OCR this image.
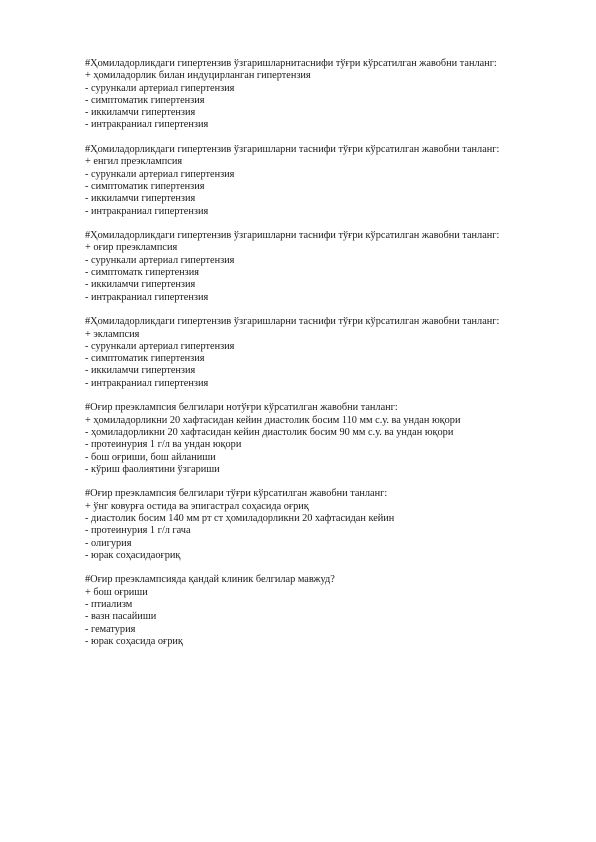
#Ҳомиладорликдаги гипертензив ўзгаришларнитаснифи тўғри кўрсатилган жавобни танланг:
+ ҳомиладорлик билан индуцирланган гипертензия
- сурункали артериал гипертензия
- симптоматик гипертензия
- иккиламчи гипертензия
- интракраниал гипертензия
#Ҳомиладорликдаги гипертензив ўзгаришларни таснифи тўғри кўрсатилган жавобни танланг:
+ енгил преэклампсия
- сурункали артериал гипертензия
- симптоматик гипертензия
- иккиламчи гипертензия
- интракраниал гипертензия
#Ҳомиладорликдаги гипертензив ўзгаришларни таснифи тўғри кўрсатилган жавобни танланг:
+ оғир преэклампсия
- сурункали артериал гипертензия
- симптоматк гипертензия
- иккиламчи гипертензия
- интракраниал гипертензия
#Ҳомиладорликдаги гипертензив ўзгаришларни таснифи тўғри кўрсатилган жавобни танланг:
+ эклампсия
- сурункали артериал гипертензия
- симптоматик гипертензия
- иккиламчи гипертензия
- интракраниал гипертензия
#Оғир преэклампсия белгилари нотўғри кўрсатилган жавобни танланг:
+ ҳомиладорликни 20 хафтасидан кейин диастолик босим 110 мм с.у. ва ундан юқори
- ҳомиладорликни 20 хафтасидан кейин диастолик босим 90 мм с.у. ва ундан юқори
- протеинурия 1 г/л ва ундан юқори
- бош оғриши, бош айланиши
- кўриш фаолиятини ўзгариши
#Оғир преэклампсия белгилари тўғри кўрсатилган жавобни танланг:
+ ўнг ковурға остида ва эпигастрал соҳасида оғриқ
- диастолик босим 140 мм рт ст ҳомиладорликни 20 хафтасидан кейин
- протеинурия 1 г/л гача
- олигурия
- юрак соҳасидаоғриқ
#Оғир преэклампсияда қандай клиник белгилар мавжуд?
+ бош оғриши
- птиализм
- вазн пасайиши
- гематурия
- юрак соҳасида оғриқ
